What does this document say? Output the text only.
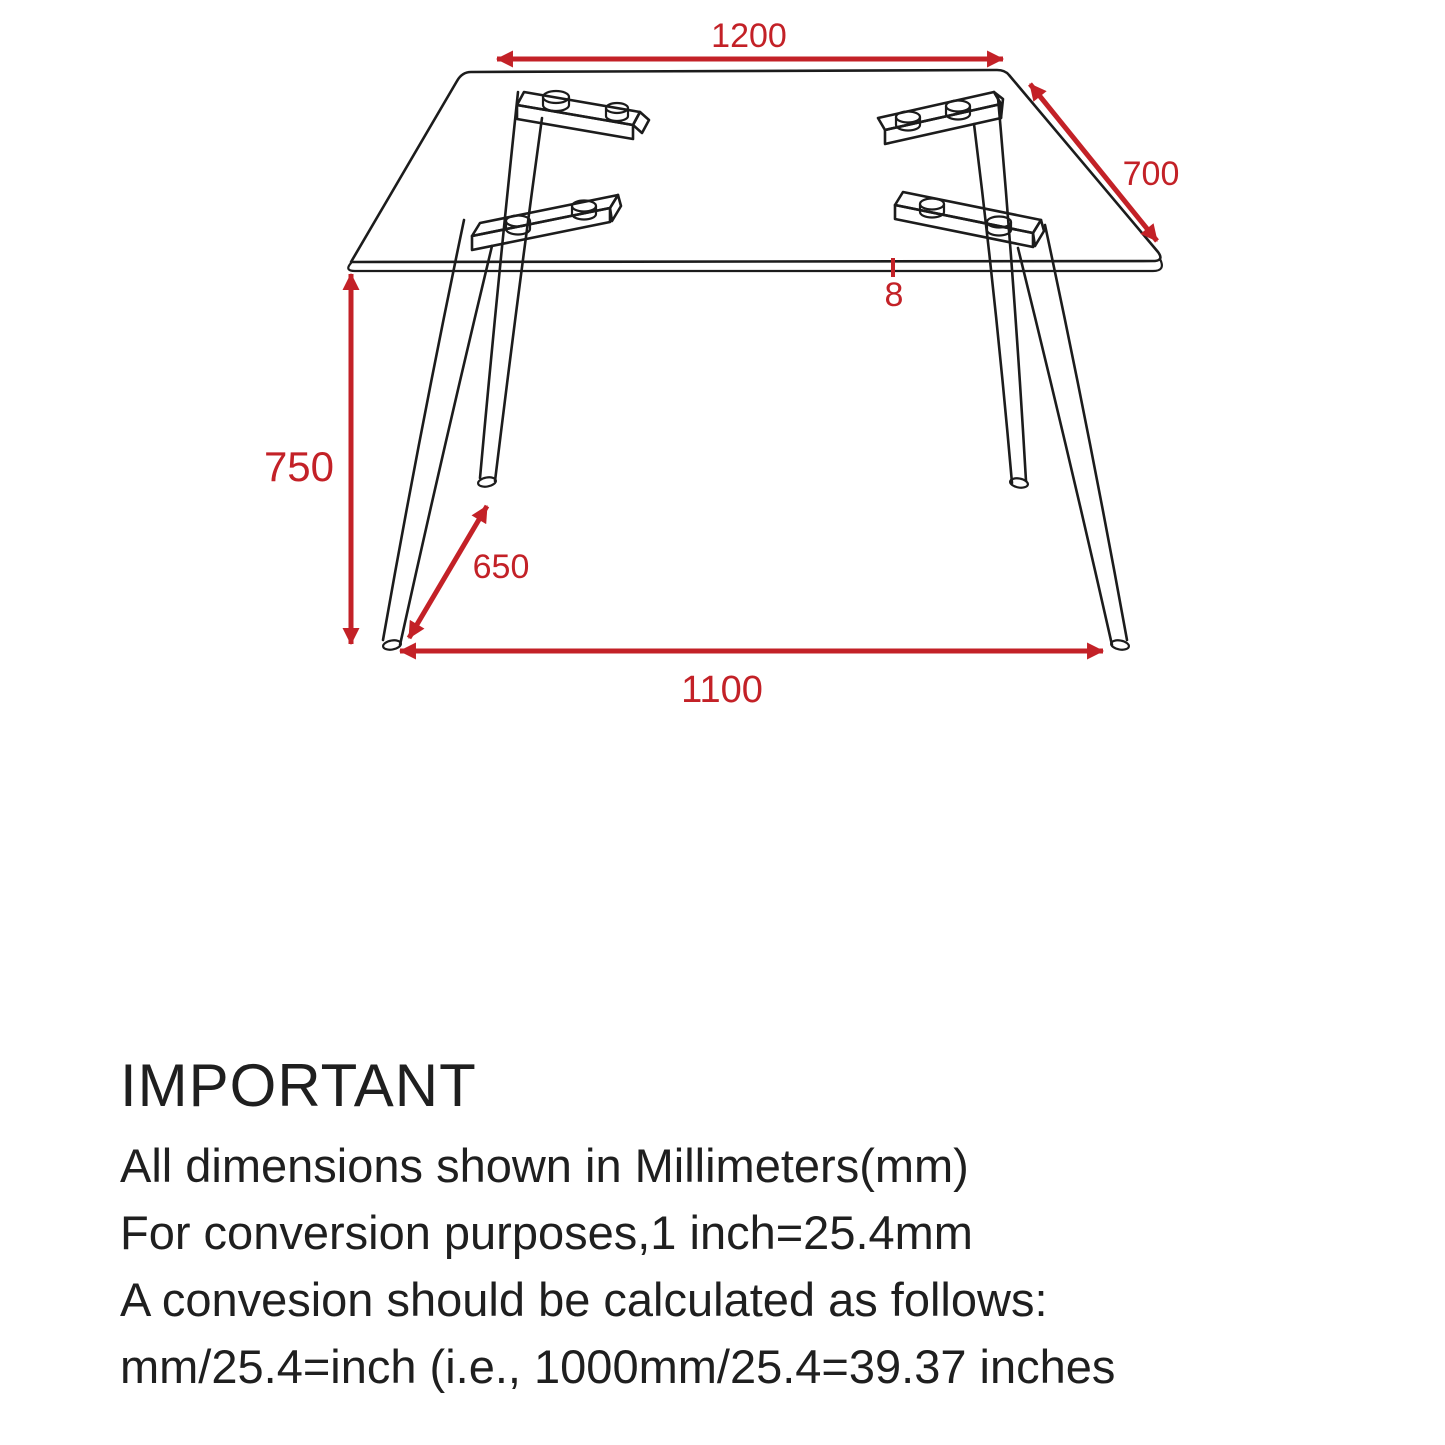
1200
700
8
750
650
1100
IMPORTANT
All dimensions shown in Millimeters(mm)
For conversion purposes,1 inch=25.4mm
A convesion should be calculated as follows:
mm/25.4=inch (i.e., 1000mm/25.4=39.37 inches
